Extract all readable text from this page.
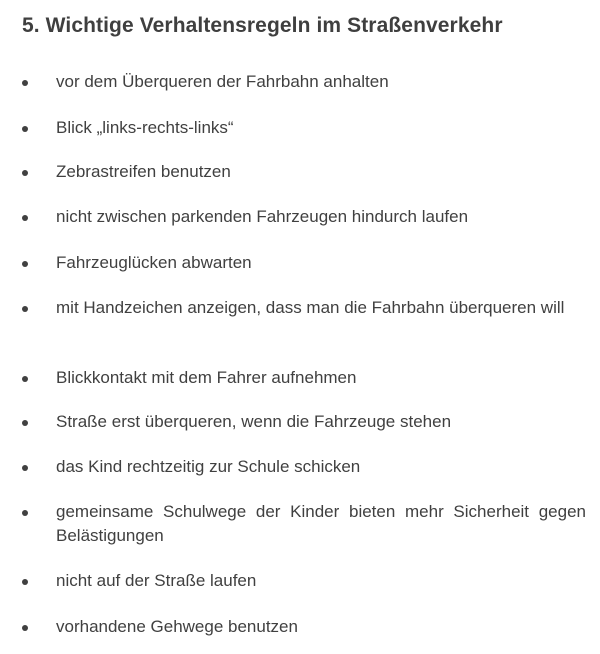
5. Wichtige Verhaltensregeln im Straßenverkehr
vor dem Überqueren der Fahrbahn anhalten
Blick „links-rechts-links“
Zebrastreifen benutzen
nicht zwischen parkenden Fahrzeugen hindurch laufen
Fahrzeuglücken abwarten
mit Handzeichen anzeigen, dass man die Fahrbahn überqueren will
Blickkontakt mit dem Fahrer aufnehmen
Straße erst überqueren, wenn die Fahrzeuge stehen
das Kind rechtzeitig zur Schule schicken
gemeinsame Schulwege der Kinder bieten mehr Sicherheit gegen Belästigungen
nicht auf der Straße laufen
vorhandene Gehwege benutzen
